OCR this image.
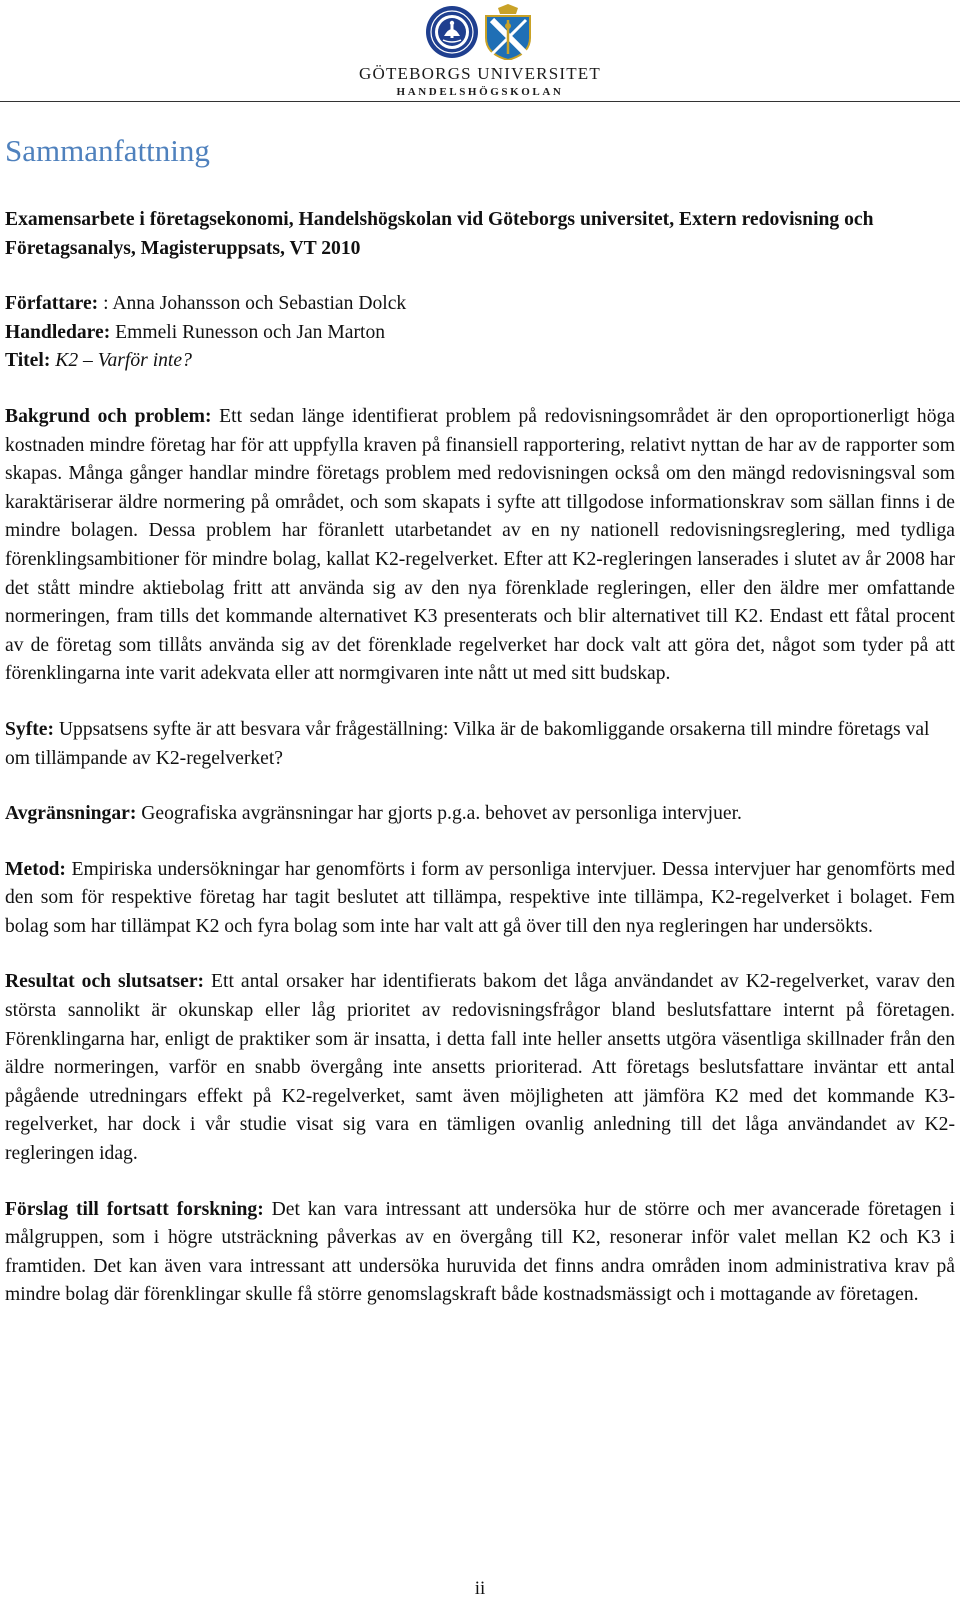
GÖTEBORGS UNIVERSITET
HANDELSHÖGSKOLAN
Sammanfattning

Examensarbete i företagsekonomi, Handelshögskolan vid Göteborgs universitet, Extern redovisning och Företagsanalys, Magisteruppsats, VT 2010

Författare: : Anna Johansson och Sebastian Dolck

Handledare: Emmeli Runesson och Jan Marton

Titel: K2 – Varför inte?

Bakgrund och problem: Ett sedan länge identifierat problem på redovisningsområdet är den oproportionerligt höga kostnaden mindre företag har för att uppfylla kraven på finansiell rapportering, relativt nyttan de har av de rapporter som skapas. Många gånger handlar mindre företags problem med redovisningen också om den mängd redovisningsval som karaktäriserar äldre normering på området, och som skapats i syfte att tillgodose informationskrav som sällan finns i de mindre bolagen. Dessa problem har föranlett utarbetandet av en ny nationell redovisningsreglering, med tydliga förenklingsambitioner för mindre bolag, kallat K2-regelverket. Efter att K2-regleringen lanserades i slutet av år 2008 har det stått mindre aktiebolag fritt att använda sig av den nya förenklade regleringen, eller den äldre mer omfattande normeringen, fram tills det kommande alternativet K3 presenterats och blir alternativet till K2. Endast ett fåtal procent av de företag som tillåts använda sig av det förenklade regelverket har dock valt att göra det, något som tyder på att förenklingarna inte varit adekvata eller att normgivaren inte nått ut med sitt budskap.

Syfte: Uppsatsens syfte är att besvara vår frågeställning: Vilka är de bakomliggande orsakerna till mindre företags val om tillämpande av K2-regelverket?

Avgränsningar: Geografiska avgränsningar har gjorts p.g.a. behovet av personliga intervjuer.

Metod: Empiriska undersökningar har genomförts i form av personliga intervjuer. Dessa intervjuer har genomförts med den som för respektive företag har tagit beslutet att tillämpa, respektive inte tillämpa, K2-regelverket i bolaget. Fem bolag som har tillämpat K2 och fyra bolag som inte har valt att gå över till den nya regleringen har undersökts.

Resultat och slutsatser: Ett antal orsaker har identifierats bakom det låga användandet av K2-regelverket, varav den största sannolikt är okunskap eller låg prioritet av redovisningsfrågor bland beslutsfattare internt på företagen. Förenklingarna har, enligt de praktiker som är insatta, i detta fall inte heller ansetts utgöra väsentliga skillnader från den äldre normeringen, varför en snabb övergång inte ansetts prioriterad. Att företags beslutsfattare inväntar ett antal pågående utredningars effekt på K2-regelverket, samt även möjligheten att jämföra K2 med det kommande K3-regelverket, har dock i vår studie visat sig vara en tämligen ovanlig anledning till det låga användandet av K2-regleringen idag.

Förslag till fortsatt forskning: Det kan vara intressant att undersöka hur de större och mer avancerade företagen i målgruppen, som i högre utsträckning påverkas av en övergång till K2, resonerar inför valet mellan K2 och K3 i framtiden. Det kan även vara intressant att undersöka huruvida det finns andra områden inom administrativa krav på mindre bolag där förenklingar skulle få större genomslagskraft både kostnadsmässigt och i mottagande av företagen.

ii
